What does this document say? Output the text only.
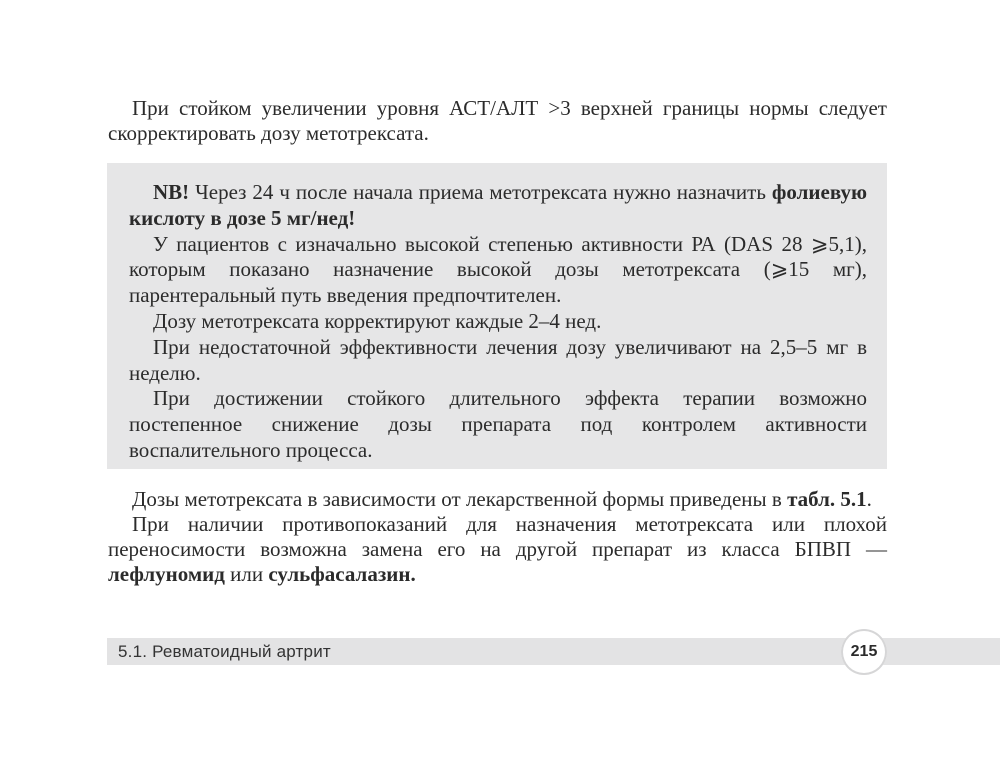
При стойком увеличении уровня АСТ/АЛТ >3 верхней границы нормы следует скорректировать дозу метотрексата.

NB! Через 24 ч после начала приема метотрексата нужно назначить фолиевую кислоту в дозе 5 мг/нед!

У пациентов с изначально высокой степенью активности РА (DAS 28 ⩾5,1), которым показано назначение высокой дозы метотрексата (⩾15 мг), парентеральный путь введения предпочтителен.

Дозу метотрексата корректируют каждые 2–4 нед.

При недостаточной эффективности лечения дозу увеличивают на 2,5–5 мг в неделю.

При достижении стойкого длительного эффекта терапии возможно постепенное снижение дозы препарата под контролем активности воспалительного процесса.

Дозы метотрексата в зависимости от лекарственной формы приведены в табл. 5.1.

При наличии противопоказаний для назначения метотрексата или плохой переносимости возможна замена его на другой препарат из класса БПВП — лефлуномид или сульфасалазин.

5.1. Ревматоидный артрит	215
